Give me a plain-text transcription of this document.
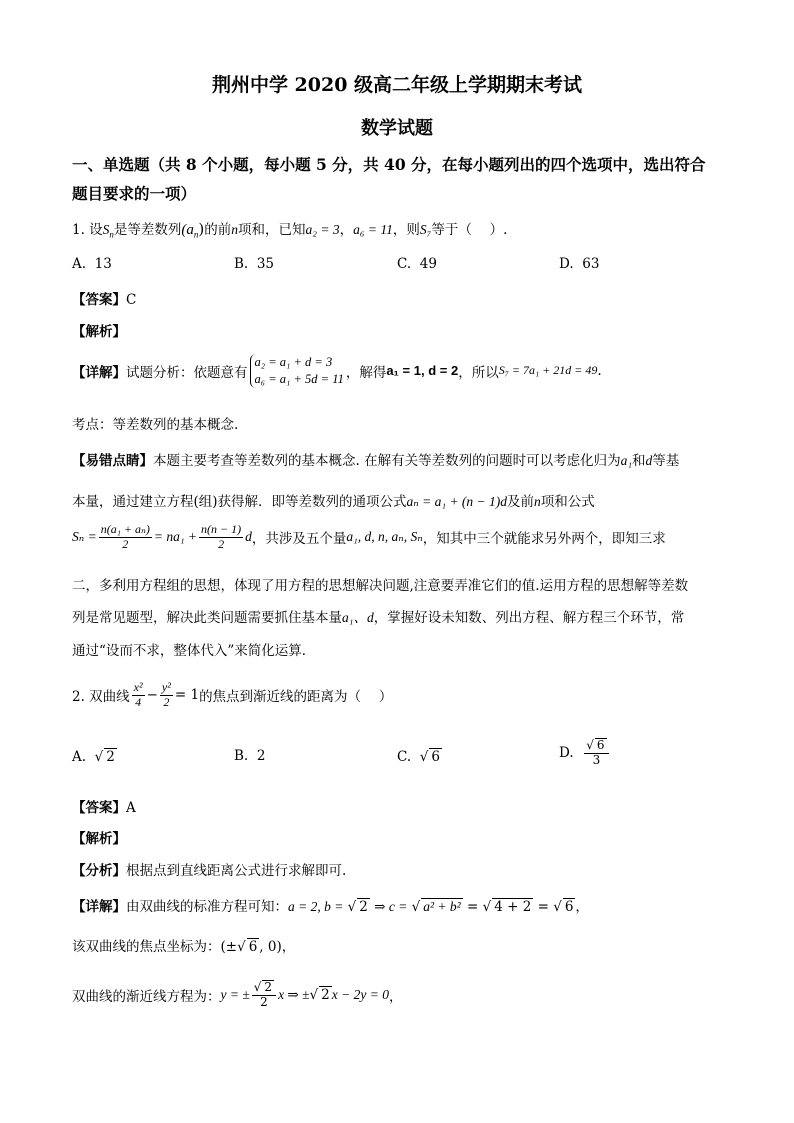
荆州中学 2020 级高二年级上学期期末考试
数学试题
一、单选题（共 8 个小题，每小题 5 分，共 40 分，在每小题列出的四个选项中，选出符合
题目要求的一项）
1. 设$S_n$是等差数列$(a_n)$的前n项和，已知a₂ = 3，a₆ = 11，则S₇等于（　 ）.
A. 13	B. 35	C. 49	D. 63
【答案】C
【解析】
【详解】 试题分析：依题意有
a₂ = a₁ + d = 3
a₆ = a₁ + 5d = 11 ，解得 a₁ = 1, d = 2 ，所以 S₇ = 7a₁ + 21d = 49 .
考点：等差数列的基本概念.
【易错点睛】本题主要考查等差数列的基本概念. 在解有关等差数列的问题时可以考虑化归为a₁和d等基
本量，通过建立方程(组)获得解．即等差数列的通项公式aₙ = a₁ + (n − 1)d及前n项和公式
$S_n = \frac{\text{n(a₁ + aₙ)}}{2} = na_1 + \frac{n(n - 1)}{2}$ d ，共涉及五个量 a₁, d, n, aₙ, Sₙ ，知其中三个就能求另外两个，即知三求
二，多利用方程组的思想，体现了用方程的思想解决问题,注意要弄准它们的值.运用方程的思想解等差数
列是常见题型，解决此类问题需要抓住基本量a₁、d，掌握好设未知数、列出方程、解方程三个环节，常
通过“设而不求，整体代入”来简化运算．
2. 双曲线 $\frac{\text{x²}}{4} - \frac{\text{y²}}{2} = 1$ 的焦点到渐近线的距离为（　 ）
A.  √ 2	B. 2	C.  √ 6	D.
$\frac{√ 6}{3}$
【答案】A
【解析】
【分析】根据点到直线距离公式进行求解即可.
【详解】由双曲线的标准方程可知：a = 2, b = √ 2 ⇒ c = √ a² + b² = √ 4 + 2 = √ 6 ，
该双曲线的焦点坐标为：(±√ 6 , 0)，
双曲线的渐近线方程为： y = ± $\frac{√ 2}{2}$ x ⇒ ± √ 2 x − 2y = 0 ，
